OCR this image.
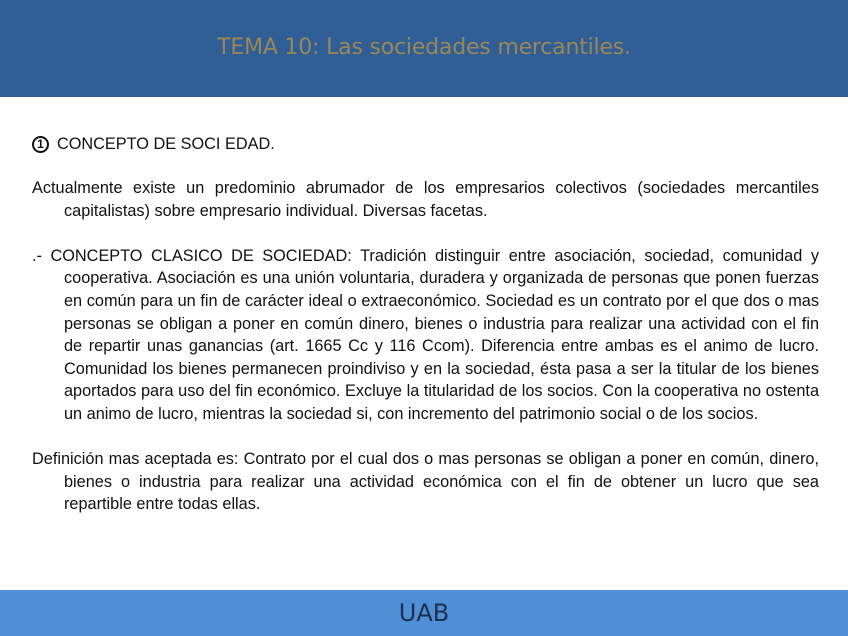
TEMA 10: Las sociedades mercantiles.
1 CONCEPTO DE SOCI EDAD.

Actualmente existe un predominio abrumador de los empresarios colectivos (sociedades mercantiles capitalistas) sobre empresario individual. Diversas facetas.

.- CONCEPTO CLASICO DE SOCIEDAD: Tradición distinguir entre asociación, sociedad, comunidad y cooperativa. Asociación es una unión voluntaria, duradera y organizada de personas que ponen fuerzas en común para un fin de carácter ideal o extraeconómico. Sociedad es un contrato por el que dos o mas personas se obligan a poner en común dinero, bienes o industria para realizar una actividad con el fin de repartir unas ganancias (art. 1665 Cc y 116 Ccom). Diferencia entre ambas es el animo de lucro. Comunidad los bienes permanecen proindiviso y en la sociedad, ésta pasa a ser la titular de los bienes aportados para uso del fin económico. Excluye la titularidad de los socios. Con la cooperativa no ostenta un animo de lucro, mientras la sociedad si, con incremento del patrimonio social o de los socios.

Definición mas aceptada es: Contrato por el cual dos o mas personas se obligan a poner en común, dinero, bienes o industria para realizar una actividad económica con el fin de obtener un lucro que sea repartible entre todas ellas.

UAB
